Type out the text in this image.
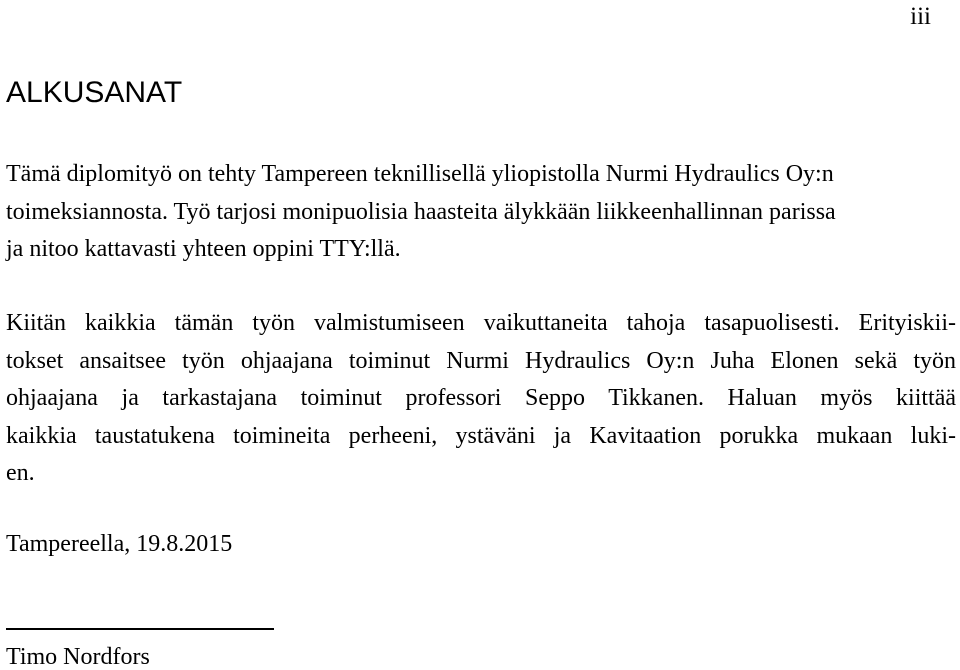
iii
ALKUSANAT
Tämä diplomityö on tehty Tampereen teknillisellä yliopistolla Nurmi Hydraulics Oy:n
toimeksiannosta. Työ tarjosi monipuolisia haasteita älykkään liikkeenhallinnan parissa
ja nitoo kattavasti yhteen oppini TTY:llä.
Kiitän kaikkia tämän työn valmistumiseen vaikuttaneita tahoja tasapuolisesti. Erityiskii-
tokset ansaitsee työn ohjaajana toiminut Nurmi Hydraulics Oy:n Juha Elonen sekä työn
ohjaajana ja tarkastajana toiminut professori Seppo Tikkanen. Haluan myös kiittää
kaikkia taustatukena toimineita perheeni, ystäväni ja Kavitaation porukka mukaan luki-
en.

Tampereella, 19.8.2015

Timo Nordfors
